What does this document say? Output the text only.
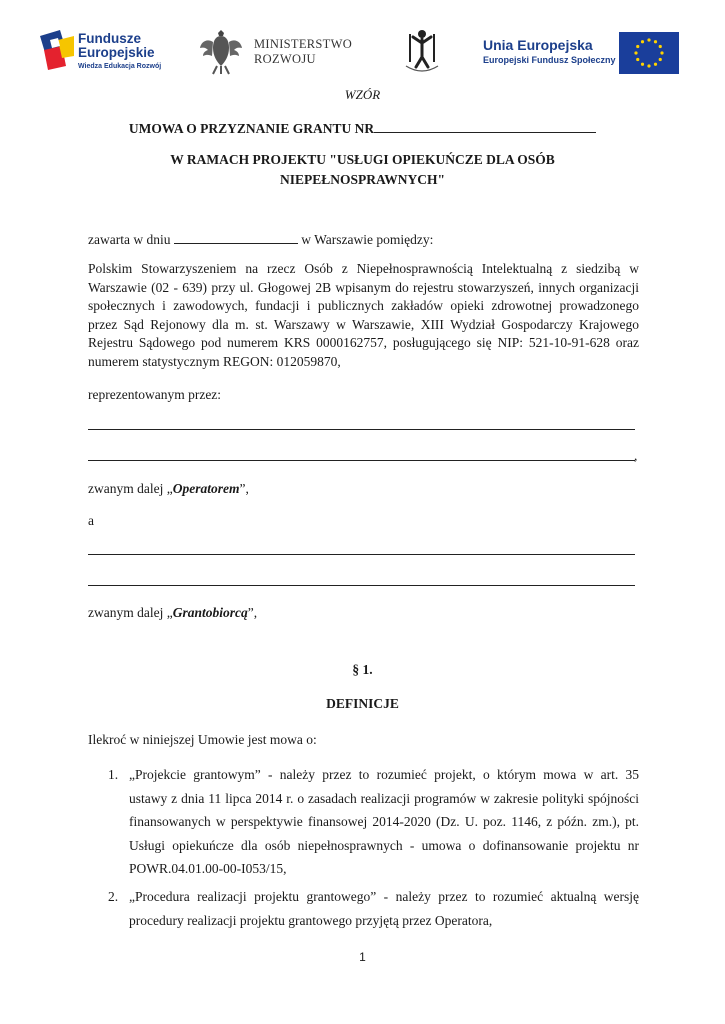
Fundusze
Europejskie
Wiedza Edukacja Rozwój
MINISTERSTWO
ROZWOJU
Unia Europejska
Europejski Fundusz Społeczny
WZÓR
UMOWA O PRZYZNANIE GRANTU NR
W RAMACH PROJEKTU "USŁUGI OPIEKUŃCZE DLA OSÓB
NIEPEŁNOSPRAWNYCH"
zawarta w dniu	w Warszawie pomiędzy:
Polskim Stowarzyszeniem na rzecz Osób z Niepełnosprawnością Intelektualną z siedzibą w
Warszawie (02 - 639) przy ul. Głogowej 2B wpisanym do rejestru stowarzyszeń, innych organizacji
społecznych i zawodowych, fundacji i publicznych zakładów opieki zdrowotnej prowadzonego
przez Sąd Rejonowy dla m. st. Warszawy w Warszawie, XIII Wydział Gospodarczy Krajowego
Rejestru Sądowego pod numerem KRS 0000162757, posługującego się NIP: 521-10-91-628 oraz
numerem statystycznym REGON: 012059870,
reprezentowanym przez:
,
zwanym dalej „Operatorem”,
a
zwanym dalej „Grantobiorcą”,
§ 1.
DEFINICJE
Ilekroć w niniejszej Umowie jest mowa o:
1. „Projekcie grantowym” - należy przez to rozumieć projekt, o którym mowa w art. 35
ustawy z dnia 11 lipca 2014 r. o zasadach realizacji programów w zakresie polityki spójności
finansowanych w perspektywie finansowej 2014-2020 (Dz. U. poz. 1146, z późn. zm.), pt.
Usługi opiekuńcze dla osób niepełnosprawnych - umowa o dofinansowanie projektu nr
POWR.04.01.00-00-I053/15,
2. „Procedura realizacji projektu grantowego” - należy przez to rozumieć aktualną wersję
procedury realizacji projektu grantowego przyjętą przez Operatora,
1
